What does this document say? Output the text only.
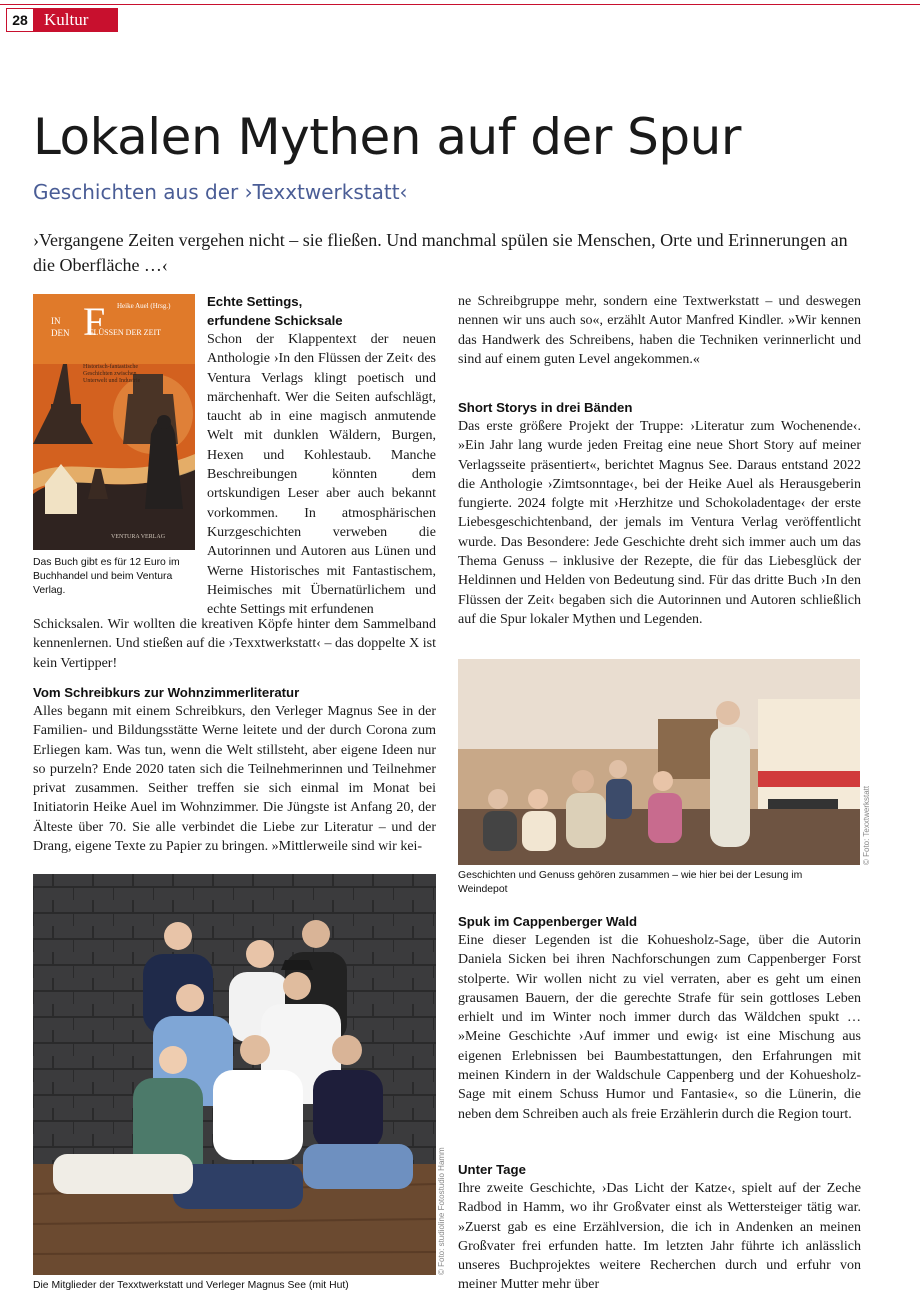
28 Kultur
Lokalen Mythen auf der Spur

Geschichten aus der ›Texxtwerkstatt‹

›Vergangene Zeiten vergehen nicht – sie fließen. Und manchmal spülen sie Menschen, Orte und Erinnerungen an die Oberfläche …‹

Heike Auel (Hrsg.)
IN F
DEN FLÜSSEN DER ZEIT
Historisch-fantastische Geschichten zwischen Unterwelt und Industrie
VENTURA VERLAG

Das Buch gibt es für 12 Euro im Buchhandel und beim Ventura Verlag.

Echte Settings,

erfundene Schicksale

Schon der Klappentext der neuen Anthologie ›In den Flüssen der Zeit‹ des Ventura Verlags klingt poetisch und märchenhaft. Wer die Seiten aufschlägt, taucht ab in eine magisch anmutende Welt mit dunklen Wäldern, Burgen, Hexen und Kohlestaub. Manche Beschreibungen könnten dem ortskundigen Leser aber auch bekannt vorkommen. In atmosphärischen Kurzgeschichten verweben die Autorinnen und Autoren aus Lünen und Werne Historisches mit Fantastischem, Heimisches mit Übernatürlichem und echte Settings mit erfundenen

Schicksalen. Wir wollten die kreativen Köpfe hinter dem Sammelband kennenlernen. Und stießen auf die ›Texxtwerkstatt‹ – das doppelte X ist kein Vertipper!

Vom Schreibkurs zur Wohnzimmerliteratur

Alles begann mit einem Schreibkurs, den Verleger Magnus See in der Familien- und Bildungsstätte Werne leitete und der durch Corona zum Erliegen kam. Was tun, wenn die Welt stillsteht, aber eigene Ideen nur so purzeln? Ende 2020 taten sich die Teilnehmerinnen und Teilnehmer privat zusammen. Seither treffen sie sich einmal im Monat bei Initiatorin Heike Auel im Wohnzimmer. Die Jüngste ist Anfang 20, der Älteste über 70. Sie alle verbindet die Liebe zur Literatur – und der Drang, eigene Texte zu Papier zu bringen. »Mittlerweile sind wir kei-

Die Mitglieder der Texxtwerkstatt und Verleger Magnus See (mit Hut)

© Foto: studioline Fotostudio Hamm

ne Schreibgruppe mehr, sondern eine Textwerkstatt – und deswegen nennen wir uns auch so«, erzählt Autor Manfred Kindler. »Wir kennen das Handwerk des Schreibens, haben die Techniken verinnerlicht und sind auf einem guten Level angekommen.«

Short Storys in drei Bänden

Das erste größere Projekt der Truppe: ›Literatur zum Wochenende‹. »Ein Jahr lang wurde jeden Freitag eine neue Short Story auf meiner Verlagsseite präsentiert«, berichtet Magnus See. Daraus entstand 2022 die Anthologie ›Zimtsonntage‹, bei der Heike Auel als Herausgeberin fungierte. 2024 folgte mit ›Herzhitze und Schokoladentage‹ der erste Liebesgeschichtenband, der jemals im Ventura Verlag veröffentlicht wurde. Das Besondere: Jede Geschichte dreht sich immer auch um das Thema Genuss – inklusive der Rezepte, die für das Liebesglück der Heldinnen und Helden von Bedeutung sind. Für das dritte Buch ›In den Flüssen der Zeit‹ begaben sich die Autorinnen und Autoren schließlich auf die Spur lokaler Mythen und Legenden.

Geschichten und Genuss gehören zusammen – wie hier bei der Lesung im Weindepot

© Foto: Texxtwerkstatt

Spuk im Cappenberger Wald

Eine dieser Legenden ist die Kohuesholz-Sage, über die Autorin Daniela Sicken bei ihren Nachforschungen zum Cappenberger Forst stolperte. Wir wollen nicht zu viel verraten, aber es geht um einen grausamen Bauern, der die gerechte Strafe für sein gottloses Leben erhielt und im Winter noch immer durch das Wäldchen spukt … »Meine Geschichte ›Auf immer und ewig‹ ist eine Mischung aus eigenen Erlebnissen bei Baumbestattungen, den Erfahrungen mit meinen Kindern in der Waldschule Cappenberg und der Kohuesholz-Sage mit einem Schuss Humor und Fantasie«, so die Lünerin, die neben dem Schreiben auch als freie Erzählerin durch die Region tourt.

Unter Tage

Ihre zweite Geschichte, ›Das Licht der Katze‹, spielt auf der Zeche Radbod in Hamm, wo ihr Großvater einst als Wettersteiger tätig war. »Zuerst gab es eine Erzählversion, die ich in Andenken an meinen Großvater frei erfunden hatte. Im letzten Jahr führte ich anlässlich unseres Buchprojektes weitere Recherchen durch und erfuhr von meiner Mutter mehr über
